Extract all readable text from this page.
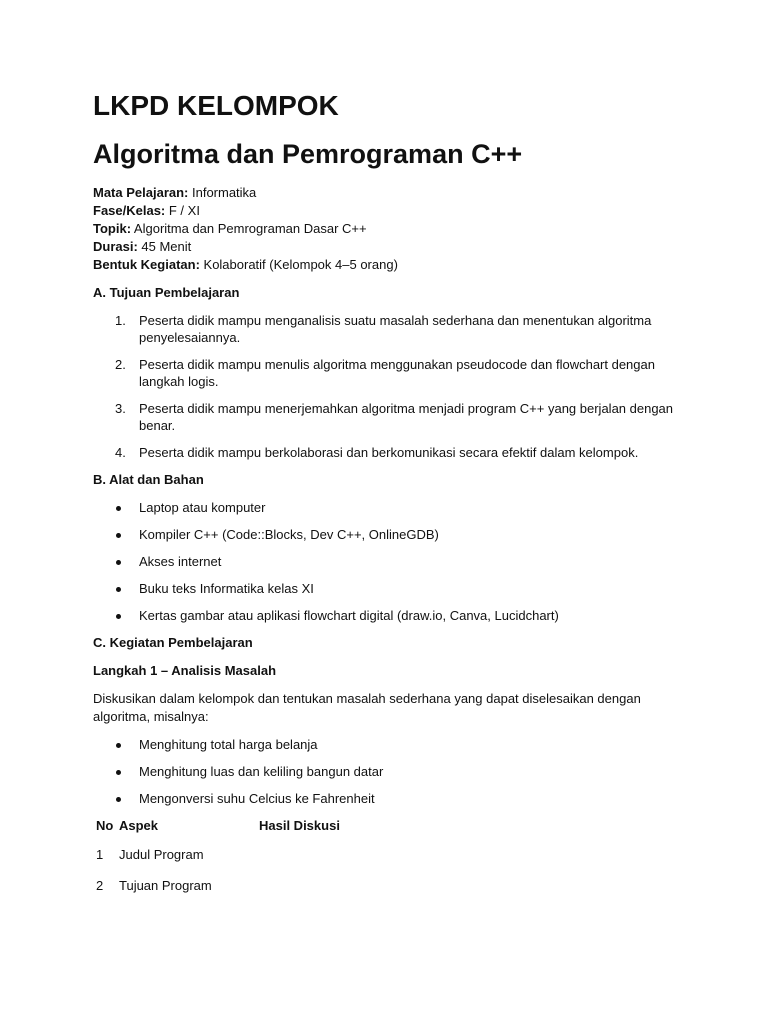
LKPD KELOMPOK
Algoritma dan Pemrograman C++
Mata Pelajaran: Informatika
Fase/Kelas: F / XI
Topik: Algoritma dan Pemrograman Dasar C++
Durasi: 45 Menit
Bentuk Kegiatan: Kolaboratif (Kelompok 4–5 orang)
A. Tujuan Pembelajaran
1. Peserta didik mampu menganalisis suatu masalah sederhana dan menentukan algoritma penyelesaiannya.
2. Peserta didik mampu menulis algoritma menggunakan pseudocode dan flowchart dengan langkah logis.
3. Peserta didik mampu menerjemahkan algoritma menjadi program C++ yang berjalan dengan benar.
4. Peserta didik mampu berkolaborasi dan berkomunikasi secara efektif dalam kelompok.
B. Alat dan Bahan
Laptop atau komputer
Kompiler C++ (Code::Blocks, Dev C++, OnlineGDB)
Akses internet
Buku teks Informatika kelas XI
Kertas gambar atau aplikasi flowchart digital (draw.io, Canva, Lucidchart)
C. Kegiatan Pembelajaran
Langkah 1 – Analisis Masalah
Diskusikan dalam kelompok dan tentukan masalah sederhana yang dapat diselesaikan dengan algoritma, misalnya:
Menghitung total harga belanja
Menghitung luas dan keliling bangun datar
Mengonversi suhu Celcius ke Fahrenheit
No	Aspek	Hasil Diskusi
1	Judul Program	
2	Tujuan Program	
